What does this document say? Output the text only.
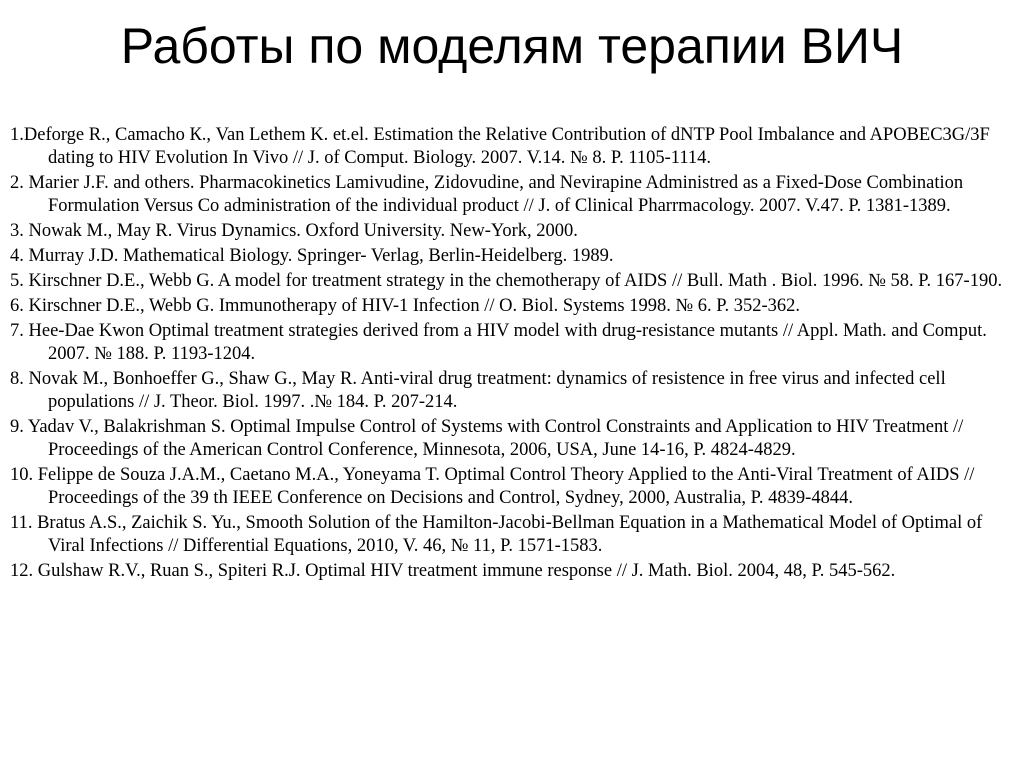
Работы по моделям терапии ВИЧ
1.Deforge R., Camacho К., Van Lethem K. et.el. Estimation the Relative Contribution of dNTP Pool Imbalance and APOBEC3G/3F dating to HIV Evolution In Vivo // J. of Comput. Biology. 2007. V.14. № 8. P. 1105-1114.
2. Marier J.F. and others. Pharmacokinetics Lamivudine, Zidovudine, and Nevirapine Administred as a Fixed-Dose Combination Formulation Versus Co administration of the individual product // J. of Clinical Pharrmacology. 2007. V.47. P. 1381-1389.
3. Nowak M., May R. Virus Dynamics. Oxford University. New-York, 2000.
4. Murray J.D. Mathematical Biology. Springer- Verlag, Berlin-Heidelberg. 1989.
5. Kirschner D.E., Webb G. A model for treatment strategy in the chemotherapy of AIDS // Bull. Math . Biol. 1996. № 58. P. 167-190.
6. Kirschner D.E., Webb G. Immunotherapy of HIV-1 Infection // O. Biol. Systems 1998. № 6. P. 352-362.
7. Hee-Dae Kwon Optimal treatment strategies derived from a HIV model with drug-resistance mutants // Appl. Math. and Comput. 2007. № 188. P. 1193-1204.
8. Novak M., Bonhoeffer G., Shaw G., May R. Anti-viral drug treatment: dynamics of resistence in free virus and infected cell populations // J. Theor. Biol. 1997. .№ 184. P. 207-214.
9. Yadav V., Balakrishman S. Optimal Impulse Control of Systems with Control Constraints and Application to HIV Treatment // Proceedings of the American Control Conference, Minnesota, 2006, USA, June 14-16, P. 4824-4829.
10. Felippe de Souza J.A.M., Caetano M.A., Yoneyama T. Optimal Control Theory Applied to the Anti-Viral Treatment of AIDS // Proceedings of the 39 th IEEE Conference on Decisions and Control, Sydney, 2000, Australia, P. 4839-4844.
11. Bratus A.S., Zaichik S. Yu., Smooth Solution of the Hamilton-Jacobi-Bellman Equation in a Mathematical Model of Optimal of Viral Infections // Differential Equations, 2010, V. 46, № 11, P. 1571-1583.
12. Gulshaw R.V., Ruan S., Spiteri R.J. Optimal HIV treatment immune response // J. Math. Biol. 2004, 48, P. 545-562.
